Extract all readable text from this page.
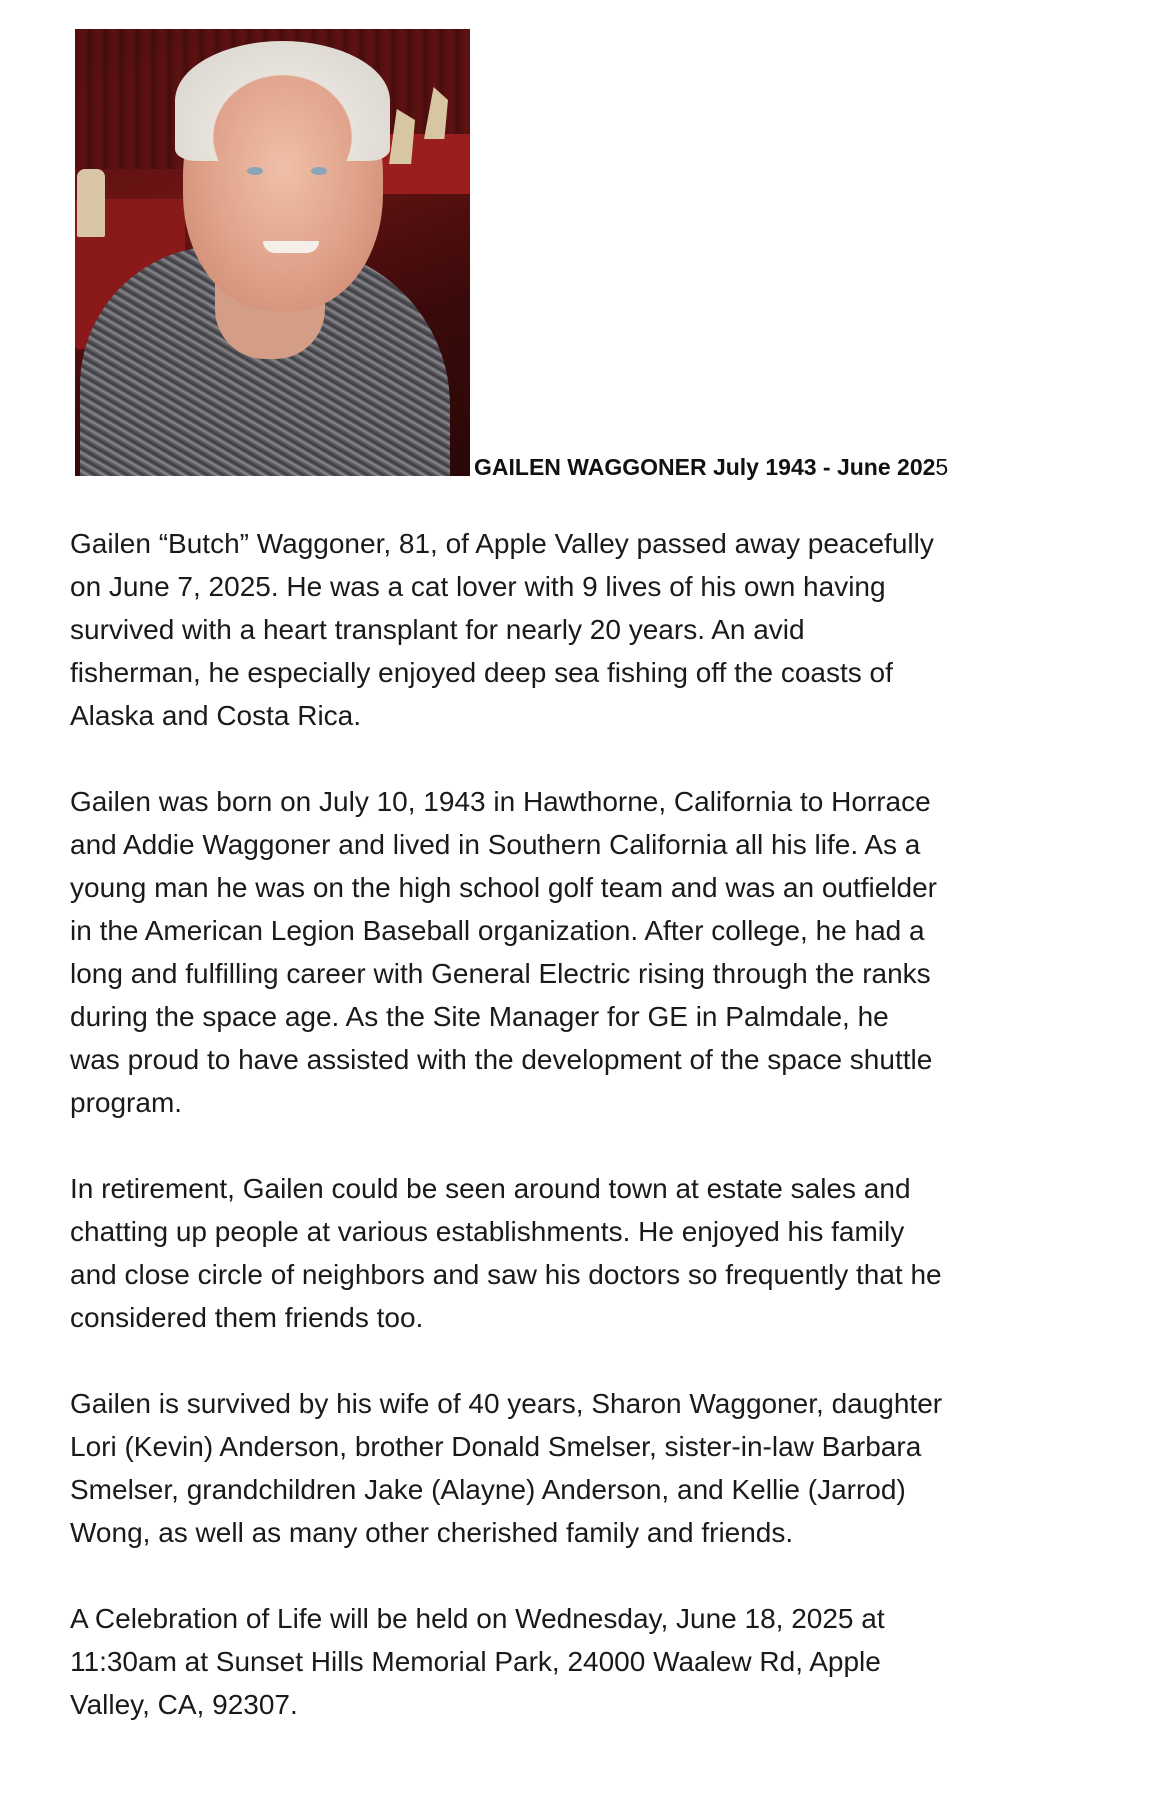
GAILEN WAGGONER July 1943 - June 2025

Gailen “Butch” Waggoner, 81, of Apple Valley passed away peacefully
on June 7, 2025. He was a cat lover with 9 lives of his own having
survived with a heart transplant for nearly 20 years. An avid
fisherman, he especially enjoyed deep sea fishing off the coasts of
Alaska and Costa Rica.

Gailen was born on July 10, 1943 in Hawthorne, California to Horrace
and Addie Waggoner and lived in Southern California all his life. As a
young man he was on the high school golf team and was an outfielder
in the American Legion Baseball organization. After college, he had a
long and fulfilling career with General Electric rising through the ranks
during the space age. As the Site Manager for GE in Palmdale, he
was proud to have assisted with the development of the space shuttle
program.

In retirement, Gailen could be seen around town at estate sales and
chatting up people at various establishments. He enjoyed his family
and close circle of neighbors and saw his doctors so frequently that he
considered them friends too.

Gailen is survived by his wife of 40 years, Sharon Waggoner, daughter
Lori (Kevin) Anderson, brother Donald Smelser, sister-in-law Barbara
Smelser, grandchildren Jake (Alayne) Anderson, and Kellie (Jarrod)
Wong, as well as many other cherished family and friends.

A Celebration of Life will be held on Wednesday, June 18, 2025 at
11:30am at Sunset Hills Memorial Park, 24000 Waalew Rd, Apple
Valley, CA, 92307.
